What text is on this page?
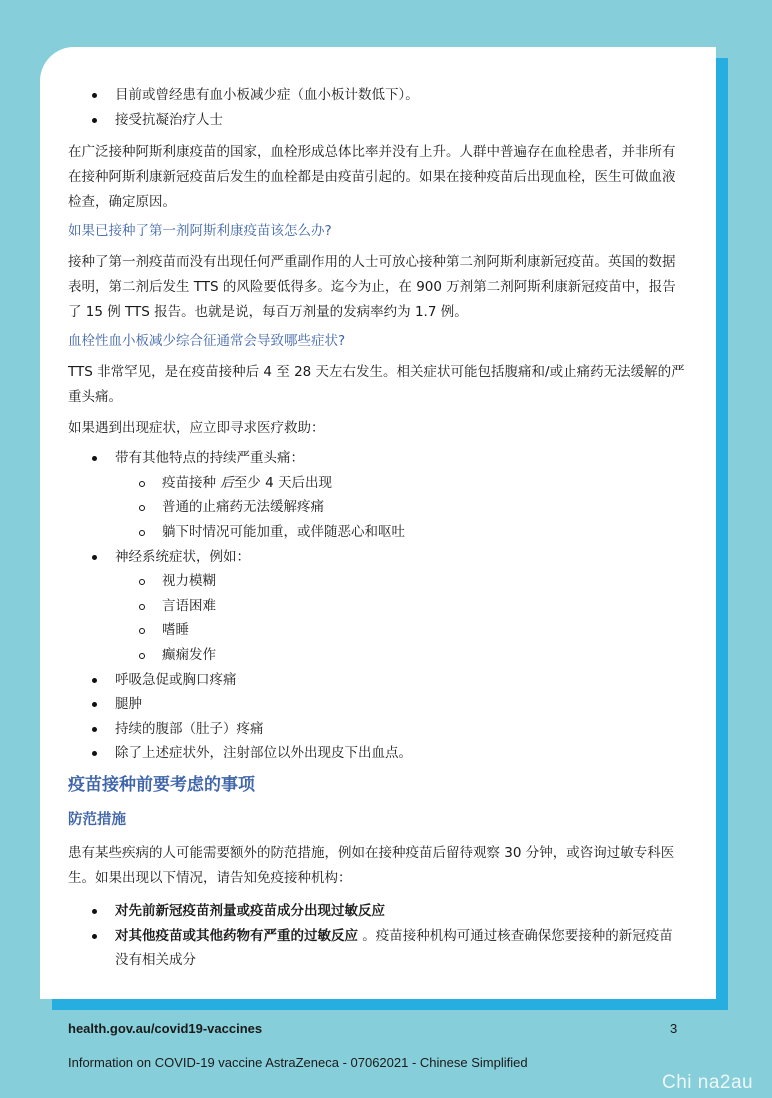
目前或曾经患有血小板减少症（血小板计数低下）。
接受抗凝治疗人士

在广泛接种阿斯利康疫苗的国家，血栓形成总体比率并没有上升。人群中普遍存在血栓患者，并非所有在接种阿斯利康新冠疫苗后发生的血栓都是由疫苗引起的。如果在接种疫苗后出现血栓，医生可做血液检查，确定原因。

如果已接种了第一剂阿斯利康疫苗该怎么办?

接种了第一剂疫苗而没有出现任何严重副作用的人士可放心接种第二剂阿斯利康新冠疫苗。英国的数据表明，第二剂后发生 TTS 的风险要低得多。迄今为止，在 900 万剂第二剂阿斯利康新冠疫苗中，报告了 15 例 TTS 报告。也就是说，每百万剂量的发病率约为 1.7 例。

血栓性血小板减少综合征通常会导致哪些症状?

TTS 非常罕见，是在疫苗接种后 4 至 28 天左右发生。相关症状可能包括腹痛和/或止痛药无法缓解的严重头痛。

如果遇到出现症状，应立即寻求医疗救助：

带有其他特点的持续严重头痛：
疫苗接种 后至少 4 天后出现
普通的止痛药无法缓解疼痛
躺下时情况可能加重，或伴随恶心和呕吐
神经系统症状，例如：
视力模糊
言语困难
嗜睡
癫痫发作
呼吸急促或胸口疼痛
腿肿
持续的腹部（肚子）疼痛
除了上述症状外，注射部位以外出现皮下出血点。
疫苗接种前要考虑的事项
防范措施

患有某些疾病的人可能需要额外的防范措施，例如在接种疫苗后留待观察 30 分钟，或咨询过敏专科医生。如果出现以下情况，请告知免疫接种机构：

对先前新冠疫苗剂量或疫苗成分出现过敏反应
对其他疫苗或其他药物有严重的过敏反应 。疫苗接种机构可通过核查确保您要接种的新冠疫苗没有相关成分
health.gov.au/covid19-vaccines	3
Information on COVID-19 vaccine AstraZeneca - 07062021 - Chinese Simplified
Chi na2au
